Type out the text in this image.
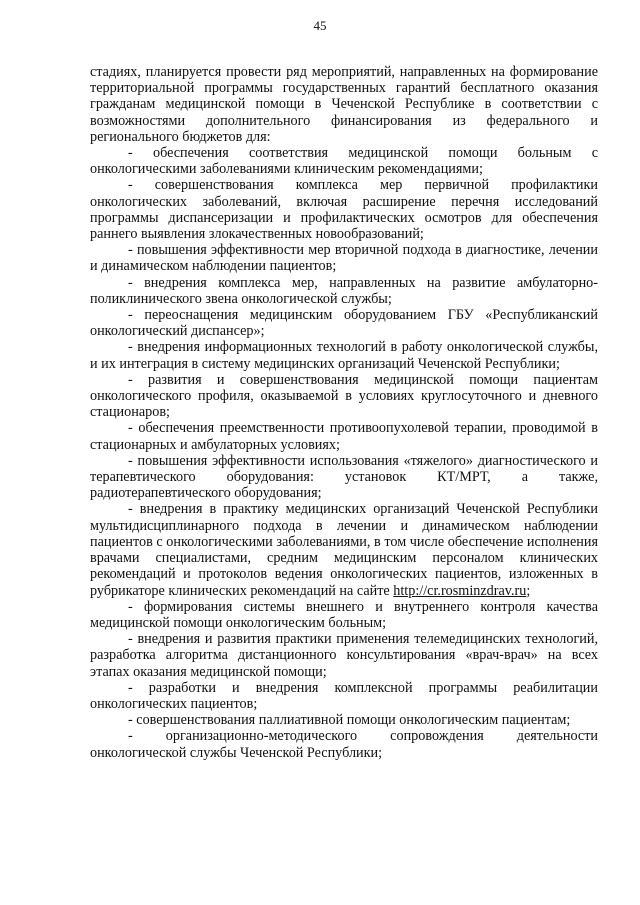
45

стадиях, планируется провести ряд мероприятий, направленных на формирование территориальной программы государственных гарантий бесплатного оказания гражданам медицинской помощи в Чеченской Республике в соответствии с возможностями дополнительного финансирования из федерального и регионального бюджетов для:

- обеспечения соответствия медицинской помощи больным с онкологическими заболеваниями клиническим рекомендациями;

- совершенствования комплекса мер первичной профилактики онкологических заболеваний, включая расширение перечня исследований программы диспансеризации и профилактических осмотров для обеспечения раннего выявления злокачественных новообразований;

- повышения эффективности мер вторичной подхода в диагностике, лечении и динамическом наблюдении пациентов;

- внедрения комплекса мер, направленных на развитие амбулаторно-поликлинического звена онкологической службы;

- переоснащения медицинским оборудованием ГБУ «Республиканский онкологический диспансер»;

- внедрения информационных технологий в работу онкологической службы, и их интеграция в систему медицинских организаций Чеченской Республики;

- развития и совершенствования медицинской помощи пациентам онкологического профиля, оказываемой в условиях круглосуточного и дневного стационаров;

- обеспечения преемственности противоопухолевой терапии, проводимой в стационарных и амбулаторных условиях;

- повышения эффективности использования «тяжелого» диагностического и терапевтического оборудования: установок КТ/МРТ, а также, радиотерапевтического оборудования;

- внедрения в практику медицинских организаций Чеченской Республики мультидисциплинарного подхода в лечении и динамическом наблюдении пациентов с онкологическими заболеваниями, в том числе обеспечение исполнения врачами специалистами, средним медицинским персоналом клинических рекомендаций и протоколов ведения онкологических пациентов, изложенных в рубрикаторе клинических рекомендаций на сайте http://cr.rosminzdrav.ru;

- формирования системы внешнего и внутреннего контроля качества медицинской помощи онкологическим больным;

- внедрения и развития практики применения телемедицинских технологий, разработка алгоритма дистанционного консультирования «врач-врач» на всех этапах оказания медицинской помощи;

- разработки и внедрения комплексной программы реабилитации онкологических пациентов;

- совершенствования паллиативной помощи онкологическим пациентам;

- организационно-методического сопровождения деятельности онкологической службы Чеченской Республики;
